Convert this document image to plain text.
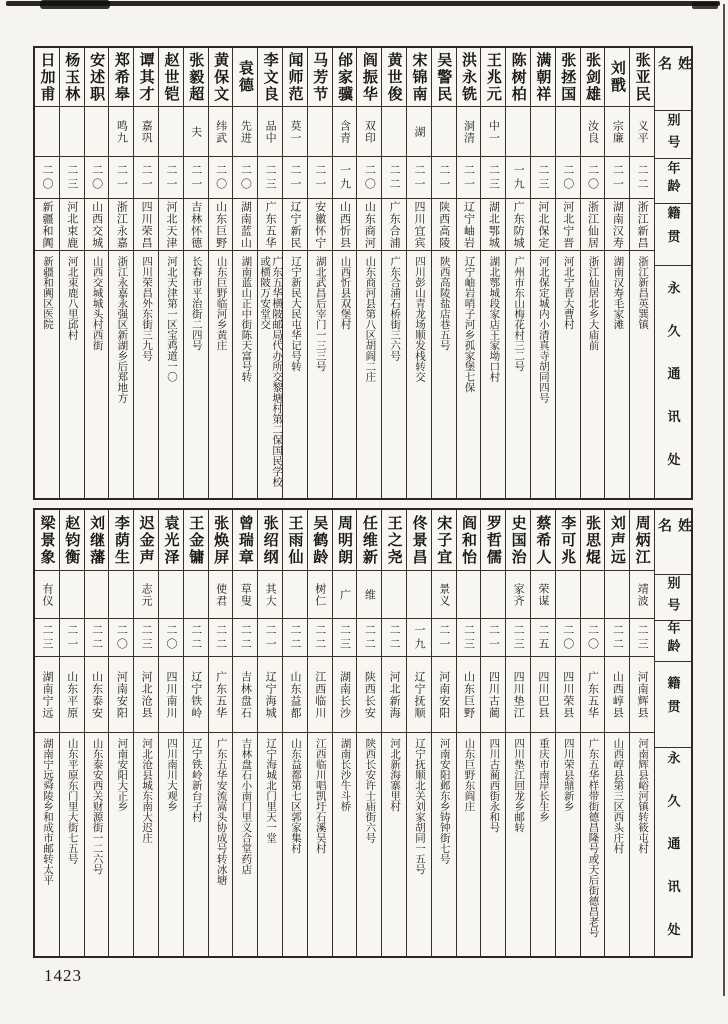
姓名
别号
年龄
籍贯
永久通讯处
张亚民
义平
二二
浙江新昌
浙江新昌英巽镇
刘戬
宗廉
二一
湖南汉寿
湖南汉寿毛家滩
张剑雄
汝良
二〇
浙江仙居
浙江仙居北乡大庙前
张拯国
二〇
河北宁晋
河北宁晋大曹村
满朝祥
二三
河北保定
河北保定城内小清真寺胡同四号
陈树柏
一九
广东防城
广州市东山梅花村三二号
王兆元
中一
二三
湖北鄂城
湖北鄂城段家店王家坳口村
洪永铣
洞清
二一
辽宁岫岩
辽宁岫岩哨子河乡孤家堡七保
吴警民
二一
陕西高陵
陕西高陵盐店巷五号
宋锦南
湖
二一
四川宜宾
四川彭山青龙场顺发栈转交
黄世俊
二二
广东合浦
广东合浦石桥街三六号
阎振华
双印
二〇
山东商河
山东商河县第八区胡阎二庄
邰家骥
含青
一九
山西忻县
山西忻县双堡村
马芳节
二一
安徽怀宁
湖北武昌后宰门一三三号
闻师范
莫一
二一
辽宁新民
辽宁新民大民屯华记号转
李文良
品中
二三
广东五华
广东五华横陂邮局代办所交黎塘村第二保国民学校或横陂万安堂交
袁德
先进
二〇
湖南蓝山
湖南蓝山正中街陈天富号转
黄保文
纬武
二〇
山东巨野
山东巨野临河乡黄庄
张毅超
夫
二一
吉林怀德
长春市平治街二四号
赵世铠
二一
河北天津
河北天津第一区宝鸡道一〇
谭其才
嘉巩
二一
四川荣昌
四川荣昌外东街三九号
郑希皋
鸣九
二一
浙江永嘉
浙江永嘉永强区新湖乡后郑地方
安述职
二〇
山西交城
山西交城城头村西街
杨玉林
二三
河北束鹿
河北束鹿八里邱村
日加甫
二〇
新疆和阗
新疆和阗区医院
姓名
别号
年龄
籍贯
永久通讯处
周炳江
靖波
二三
河南辉县
河南辉县峪河镇转筱屯村
刘声远
二二
山西崞县
山西崞县第三区西头庄村
张思焜
二〇
广东五华
广东五华样带街德昌隆号或天后街德昌老号
李可兆
二〇
四川荣县
四川荣县鼎新乡
蔡希人
荣谋
二五
四川巴县
重庆市南岸长生乡
史国治
家齐
二三
四川垫江
四川垫江回龙乡邮转
罗哲儒
二一
四川古蔺
四川古蔺西街永和号
阎和怡
二三
山东巨野
山东巨野东阎庄
宋子宜
景义
二一
河南安阳
河南安阳邺东乡铸钟街七号
佟景昌
一九
辽宁抚顺
辽宁抚顺北关刘家胡同一五号
王之尧
二二
河北新海
河北新海寨里村
任维新
维
二二
陕西长安
陕西长安许士庙街六号
周明朗
广
二三
湖南长沙
湖南长沙牛斗桥
吴鹤龄
树仁
二二
江西临川
江西临川唱凯圩石溪吴村
王雨仙
二二
山东益都
山东益都第七区郭家集村
张绍纲
其大
二一
辽宁海城
辽宁海城北门里天一堂
曾瑞章
草叟
二二
吉林盘石
吉林盘石小南门里义合堂药店
张焕屏
使君
二二
广东五华
广东五华安流嵩头协成号转冰塘
王金镛
二二
辽宁铁岭
辽宁铁岭新台子村
袁光泽
二〇
四川南川
四川南川大观乡
迟金声
志元
二三
河北沧县
河北沧县城东南大迟庄
李荫生
二〇
河南安阳
河南安阳大正乡
刘继藩
二二
山东泰安
山东泰安西关财源街一二六号
赵钧衡
二一
山东平原
山东平原东门里大街七五号
梁景象
有仪
二三
湖南宁远
湖南宁远舜陵乡和成市邮转太平
1423
